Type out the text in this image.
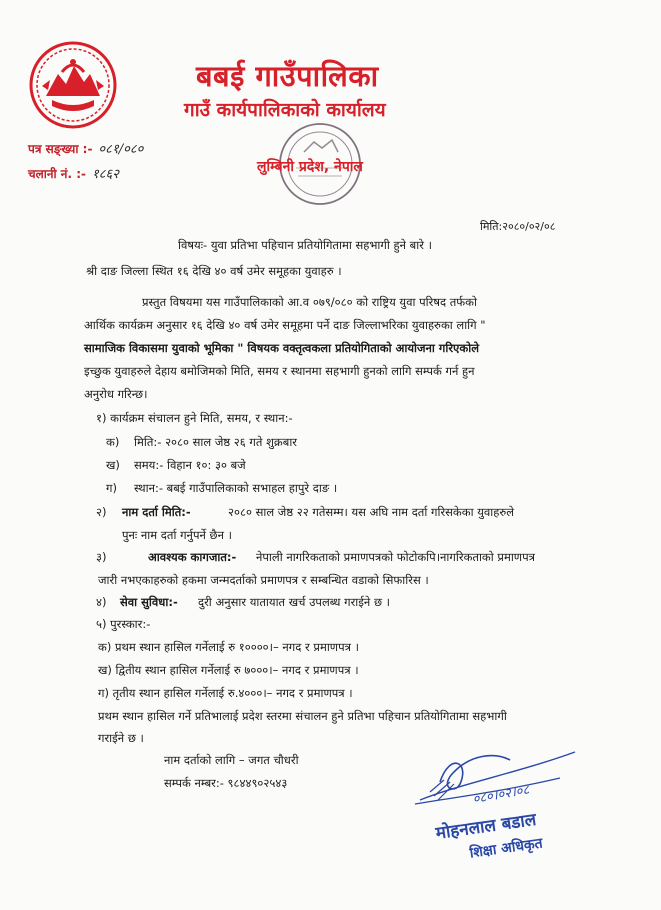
बबई गाउँपालिका
गाउँ कार्यपालिकाको कार्यालय
लुम्बिनी प्रदेश, नेपाल
पत्र सङ्ख्या :- ०८१/०८०
चलानी नं. :- १८६२
मिति:२०८०/०२/०८
विषयः- युवा प्रतिभा पहिचान प्रतियोगितामा सहभागी हुने बारे ।
श्री दाङ जिल्ला स्थित १६ देखि ४० वर्ष उमेर समूहका युवाहरु ।
प्रस्तुत विषयमा यस गाउँपालिकाको आ.व ०७९/०८० को राष्ट्रिय युवा परिषद तर्फको
आर्थिक कार्यक्रम अनुसार १६ देखि ४० वर्ष उमेर समूहमा पर्ने दाङ जिल्लाभरिका युवाहरुका लागि "
सामाजिक विकासमा युवाको भूमिका " विषयक वक्तृत्वकला प्रतियोगिताको आयोजना गरिएकोले
इच्छुक युवाहरुले देहाय बमोजिमको मिति, समय र स्थानमा सहभागी हुनको लागि सम्पर्क गर्न हुन
अनुरोध गरिन्छ।
१) कार्यक्रम संचालन हुने मिति, समय, र स्थान:-
क) मिति:- २०८० साल जेष्ठ २६ गते शुक्रबार
ख) समय:- विहान १०: ३० बजे
ग) स्थान:- बबई गाउँपालिकाको सभाहल हापुरे दाङ ।
२) नाम दर्ता मिति:-	२०८० साल जेष्ठ २२ गतेसम्म। यस अघि नाम दर्ता गरिसकेका युवाहरुले
पुनः नाम दर्ता गर्नुपर्ने छैन ।
३)	आवश्यक कागजात:- नेपाली नागरिकताको प्रमाणपत्रको फोटोकपि।नागरिकताको प्रमाणपत्र
जारी नभएकाहरुको हकमा जन्मदर्ताको प्रमाणपत्र र सम्बन्धित वडाको सिफारिस ।
४) सेवा सुविधा:- दुरी अनुसार यातायात खर्च उपलब्ध गराईने छ ।
५) पुरस्कार:-
क) प्रथम स्थान हासिल गर्नेलाई रु १००००।– नगद र प्रमाणपत्र ।
ख) द्वितीय स्थान हासिल गर्नेलाई रु ७०००।– नगद र प्रमाणपत्र ।
ग) तृतीय स्थान हासिल गर्नेलाई रु.४०००।– नगद र प्रमाणपत्र ।
प्रथम स्थान हासिल गर्ने प्रतिभालाई प्रदेश स्तरमा संचालन हुने प्रतिभा पहिचान प्रतियोगितामा सहभागी
गराईने छ ।
नाम दर्ताको लागि – जगत चौधरी
सम्पर्क नम्बर:- ९८४४९०२५४३	०८०।०२।०८
मोहनलाल बडाल
शिक्षा अधिकृत
